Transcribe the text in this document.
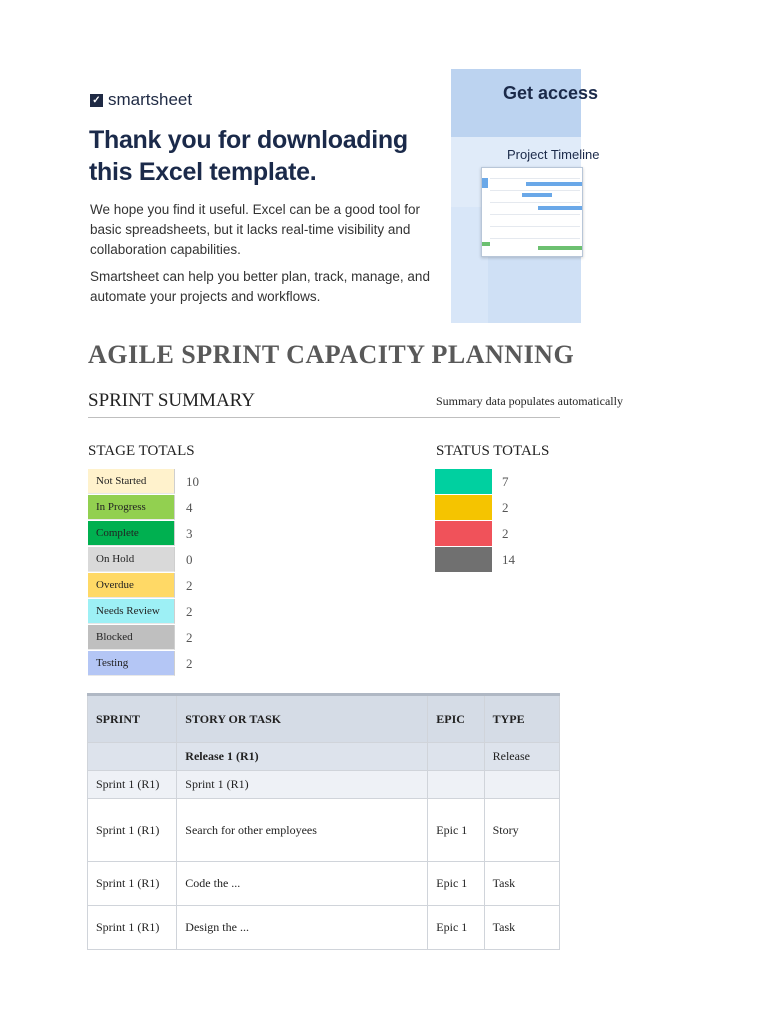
✓ smartsheet
Thank you for downloading this Excel template.
We hope you find it useful. Excel can be a good tool for basic spreadsheets, but it lacks real-time visibility and collaboration capabilities.
Smartsheet can help you better plan, track, manage, and automate your projects and workflows.
Get access
Project Timeline
AGILE SPRINT CAPACITY PLANNING
SPRINT SUMMARY	Summary data populates automatically
STAGE TOTALS	STATUS TOTALS
Not Started	10
In Progress	4
Complete	3
On Hold	0
Overdue	2
Needs Review	2
Blocked	2
Testing	2
7
2
2
14
SPRINT	STORY OR TASK	EPIC	TYPE
	Release 1 (R1)		Release
Sprint 1 (R1)	Sprint 1 (R1)		
Sprint 1 (R1)	Search for other employees	Epic 1	Story
Sprint 1 (R1)	Code the ...	Epic 1	Task
Sprint 1 (R1)	Design the ...	Epic 1	Task
